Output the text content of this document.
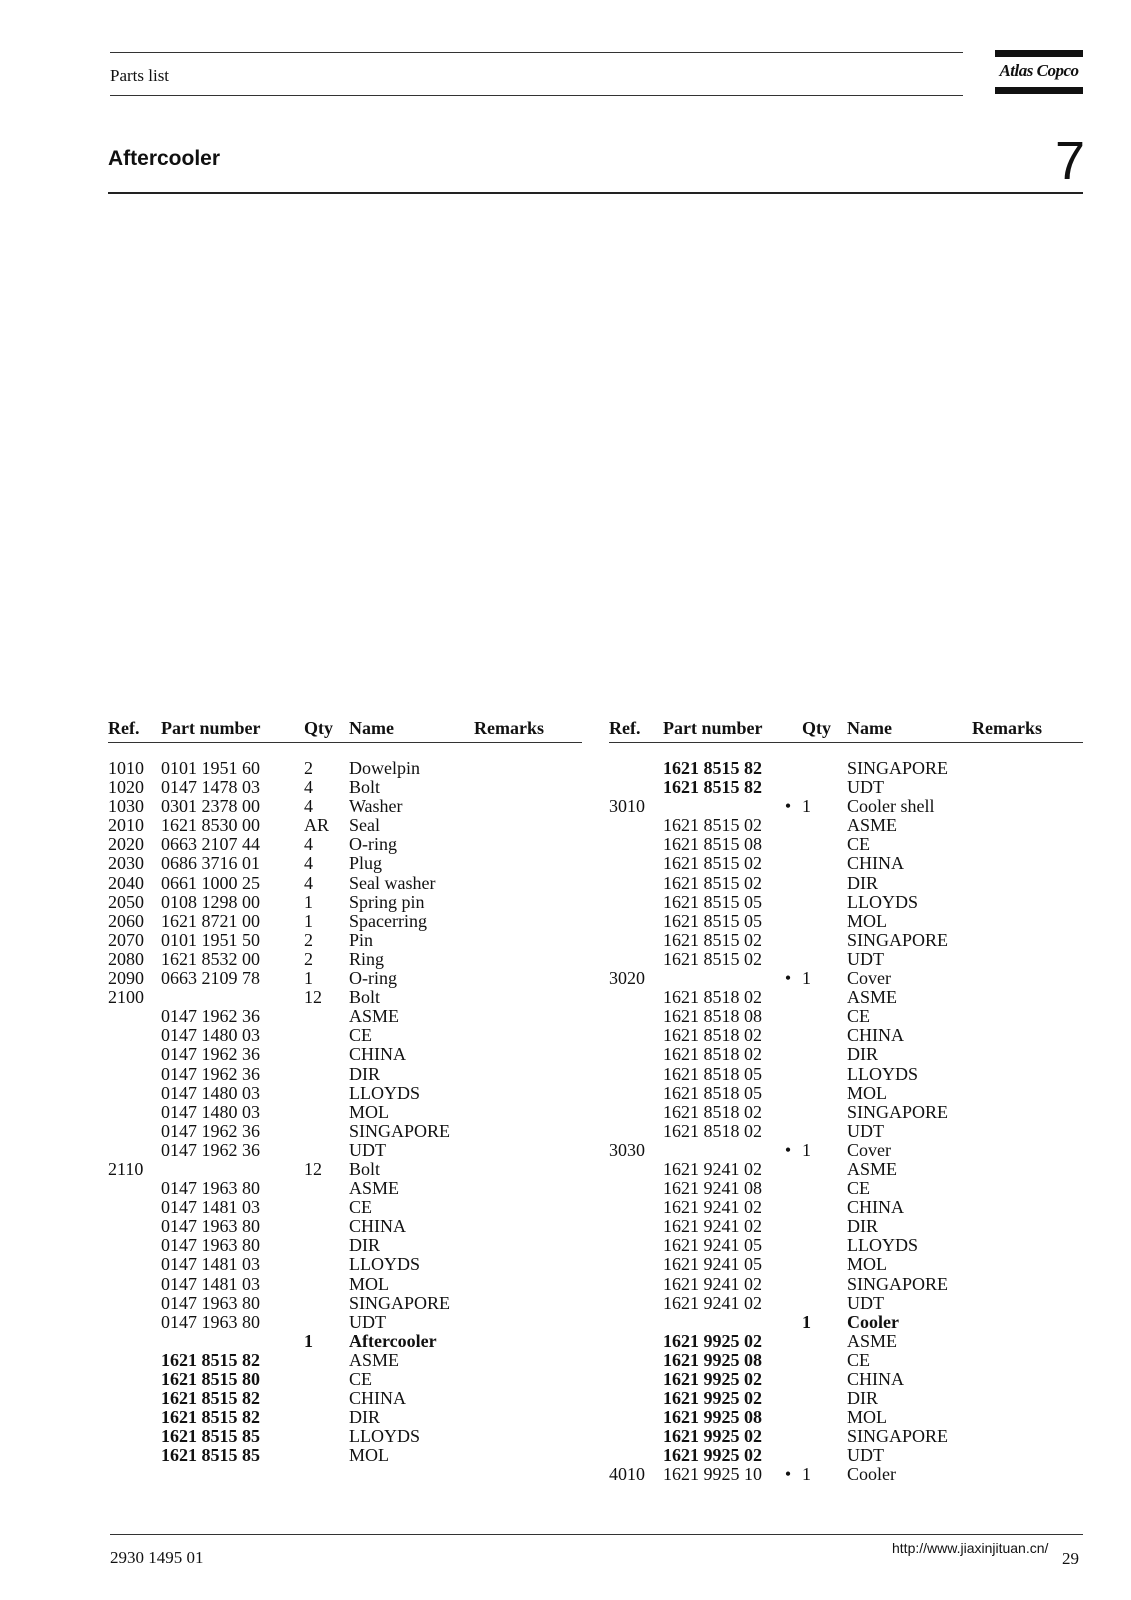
Parts list	Atlas Copco
Aftercooler	7
Ref.	Part number	Qty	Name	Remarks

1010	0101 1951 60	2	Dowelpin	
1020	0147 1478 03	4	Bolt	
1030	0301 2378 00	4	Washer	
2010	1621 8530 00	AR	Seal	
2020	0663 2107 44	4	O-ring	
2030	0686 3716 01	4	Plug	
2040	0661 1000 25	4	Seal washer	
2050	0108 1298 00	1	Spring pin	
2060	1621 8721 00	1	Spacerring	
2070	0101 1951 50	2	Pin	
2080	1621 8532 00	2	Ring	
2090	0663 2109 78	1	O-ring	
2100		12	Bolt	
	0147 1962 36		ASME	
	0147 1480 03		CE	
	0147 1962 36		CHINA	
	0147 1962 36		DIR	
	0147 1480 03		LLOYDS	
	0147 1480 03		MOL	
	0147 1962 36		SINGAPORE	
	0147 1962 36		UDT	
2110		12	Bolt	
	0147 1963 80		ASME	
	0147 1481 03		CE	
	0147 1963 80		CHINA	
	0147 1963 80		DIR	
	0147 1481 03		LLOYDS	
	0147 1481 03		MOL	
	0147 1963 80		SINGAPORE	
	0147 1963 80		UDT	
		1	Aftercooler	
	1621 8515 82		ASME	
	1621 8515 80		CE	
	1621 8515 82		CHINA	
	1621 8515 82		DIR	
	1621 8515 85		LLOYDS	
	1621 8515 85		MOL	
Ref.	Part number		Qty	Name	Remarks

	1621 8515 82			SINGAPORE	
	1621 8515 82			UDT	
3010		•	1	Cooler shell	
	1621 8515 02			ASME	
	1621 8515 08			CE	
	1621 8515 02			CHINA	
	1621 8515 02			DIR	
	1621 8515 05			LLOYDS	
	1621 8515 05			MOL	
	1621 8515 02			SINGAPORE	
	1621 8515 02			UDT	
3020		•	1	Cover	
	1621 8518 02			ASME	
	1621 8518 08			CE	
	1621 8518 02			CHINA	
	1621 8518 02			DIR	
	1621 8518 05			LLOYDS	
	1621 8518 05			MOL	
	1621 8518 02			SINGAPORE	
	1621 8518 02			UDT	
3030		•	1	Cover	
	1621 9241 02			ASME	
	1621 9241 08			CE	
	1621 9241 02			CHINA	
	1621 9241 02			DIR	
	1621 9241 05			LLOYDS	
	1621 9241 05			MOL	
	1621 9241 02			SINGAPORE	
	1621 9241 02			UDT	
			1	Cooler	
	1621 9925 02			ASME	
	1621 9925 08			CE	
	1621 9925 02			CHINA	
	1621 9925 02			DIR	
	1621 9925 08			MOL	
	1621 9925 02			SINGAPORE	
	1621 9925 02			UDT	
4010	1621 9925 10	•	1	Cooler	
2930 1495 01	http://www.jiaxinjituan.cn/
29
